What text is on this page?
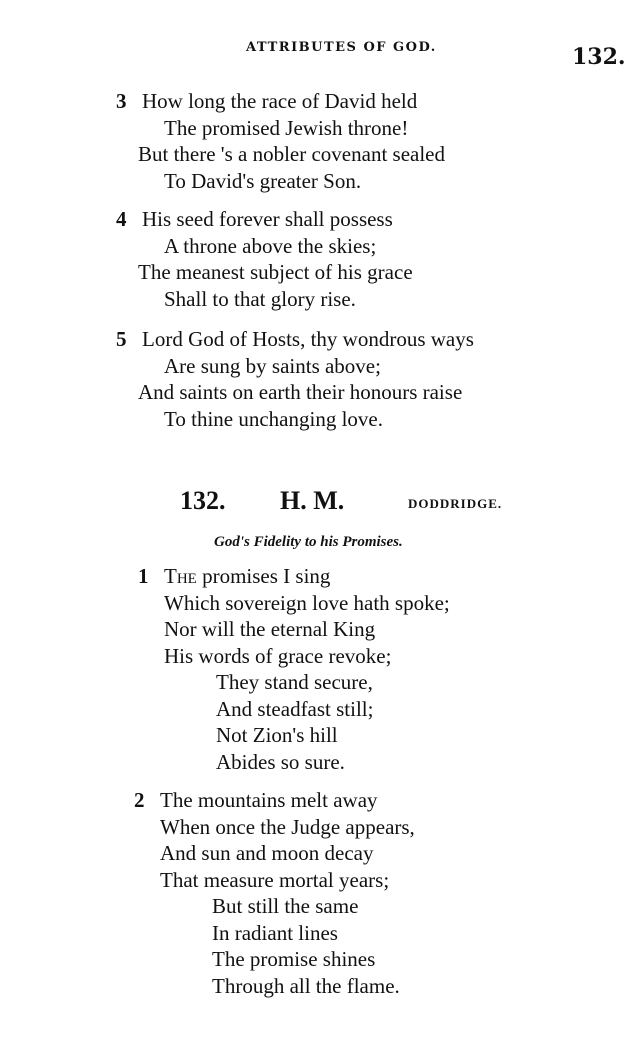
ATTRIBUTES OF GOD.	132.
3 How long the race of David held
The promised Jewish throne!
But there 's a nobler covenant sealed
To David's greater Son.
4 His seed forever shall possess
A throne above the skies;
The meanest subject of his grace
Shall to that glory rise.
5 Lord God of Hosts, thy wondrous ways
Are sung by saints above;
And saints on earth their honours raise
To thine unchanging love.
132. H. M.	DODDRIDGE.
God's Fidelity to his Promises.
1 The promises I sing
Which sovereign love hath spoke;
Nor will the eternal King
His words of grace revoke;
They stand secure,
And steadfast still;
Not Zion's hill
Abides so sure.
2 The mountains melt away
When once the Judge appears,
And sun and moon decay
That measure mortal years;
But still the same
In radiant lines
The promise shines
Through all the flame.
